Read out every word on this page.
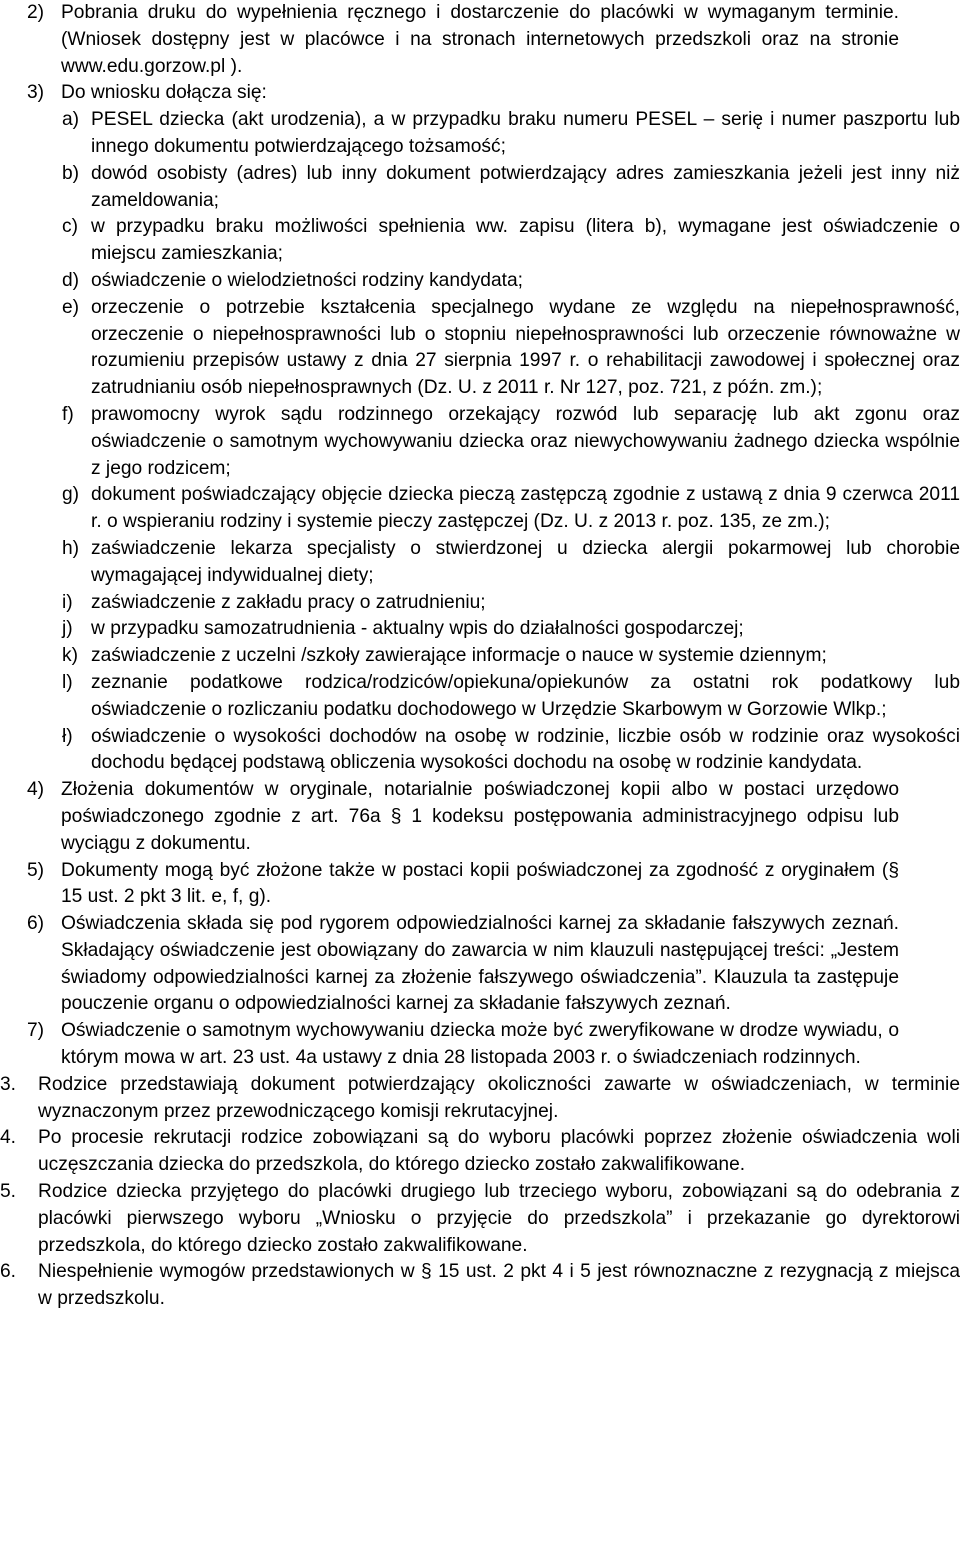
2) Pobrania druku do wypełnienia ręcznego i dostarczenie do placówki w wymaganym terminie. (Wniosek dostępny jest w placówce i na stronach internetowych przedszkoli oraz na stronie www.edu.gorzow.pl ).
3) Do wniosku dołącza się:
a) PESEL dziecka (akt urodzenia), a w przypadku braku numeru PESEL – serię i numer paszportu lub innego dokumentu potwierdzającego tożsamość;
b) dowód osobisty (adres) lub inny dokument potwierdzający adres zamieszkania jeżeli jest inny niż zameldowania;
c) w przypadku braku możliwości spełnienia ww. zapisu (litera b), wymagane jest oświadczenie o miejscu zamieszkania;
d) oświadczenie o wielodzietności rodziny kandydata;
e) orzeczenie o potrzebie kształcenia specjalnego wydane ze względu na niepełnosprawność, orzeczenie o niepełnosprawności lub o stopniu niepełnosprawności lub orzeczenie równoważne w rozumieniu przepisów ustawy z dnia 27 sierpnia 1997 r. o rehabilitacji zawodowej i społecznej oraz zatrudnianiu osób niepełnosprawnych (Dz. U. z 2011 r. Nr 127, poz. 721, z późn. zm.);
f) prawomocny wyrok sądu rodzinnego orzekający rozwód lub separację lub akt zgonu oraz oświadczenie o samotnym wychowywaniu dziecka oraz niewychowywaniu żadnego dziecka wspólnie z jego rodzicem;
g) dokument poświadczający objęcie dziecka pieczą zastępczą zgodnie z ustawą z dnia 9 czerwca 2011 r. o wspieraniu rodziny i systemie pieczy zastępczej (Dz. U. z 2013 r. poz. 135, ze zm.);
h) zaświadczenie lekarza specjalisty o stwierdzonej u dziecka alergii pokarmowej lub chorobie wymagającej indywidualnej diety;
i) zaświadczenie z zakładu pracy o zatrudnieniu;
j) w przypadku samozatrudnienia - aktualny wpis do działalności gospodarczej;
k) zaświadczenie z uczelni /szkoły zawierające informacje o nauce w systemie dziennym;
l) zeznanie podatkowe rodzica/rodziców/opiekuna/opiekunów za ostatni rok podatkowy lub oświadczenie o rozliczaniu podatku dochodowego w Urzędzie Skarbowym w Gorzowie Wlkp.;
ł) oświadczenie o wysokości dochodów na osobę w rodzinie, liczbie osób w rodzinie oraz wysokości dochodu będącej podstawą obliczenia wysokości dochodu na osobę w rodzinie kandydata.
4) Złożenia dokumentów w oryginale, notarialnie poświadczonej kopii albo w postaci urzędowo poświadczonego zgodnie z art. 76a § 1 kodeksu postępowania administracyjnego odpisu lub wyciągu z dokumentu.
5) Dokumenty mogą być złożone także w postaci kopii poświadczonej za zgodność z oryginałem (§ 15 ust. 2 pkt 3 lit. e, f, g).
6) Oświadczenia składa się pod rygorem odpowiedzialności karnej za składanie fałszywych zeznań. Składający oświadczenie jest obowiązany do zawarcia w nim klauzuli następującej treści: „Jestem świadomy odpowiedzialności karnej za złożenie fałszywego oświadczenia”. Klauzula ta zastępuje pouczenie organu o odpowiedzialności karnej za składanie fałszywych zeznań.
7) Oświadczenie o samotnym wychowywaniu dziecka może być zweryfikowane w drodze wywiadu, o którym mowa w art. 23 ust. 4a ustawy z dnia 28 listopada 2003 r. o świadczeniach rodzinnych.
3. Rodzice przedstawiają dokument potwierdzający okoliczności zawarte w oświadczeniach, w terminie wyznaczonym przez przewodniczącego komisji rekrutacyjnej.
4. Po procesie rekrutacji rodzice zobowiązani są do wyboru placówki poprzez złożenie oświadczenia woli uczęszczania dziecka do przedszkola, do którego dziecko zostało zakwalifikowane.
5. Rodzice dziecka przyjętego do placówki drugiego lub trzeciego wyboru, zobowiązani są do odebrania z placówki pierwszego wyboru „Wniosku o przyjęcie do przedszkola” i przekazanie go dyrektorowi przedszkola, do którego dziecko zostało zakwalifikowane.
6. Niespełnienie wymogów przedstawionych w § 15 ust. 2 pkt 4 i 5 jest równoznaczne z rezygnacją z miejsca w przedszkolu.
